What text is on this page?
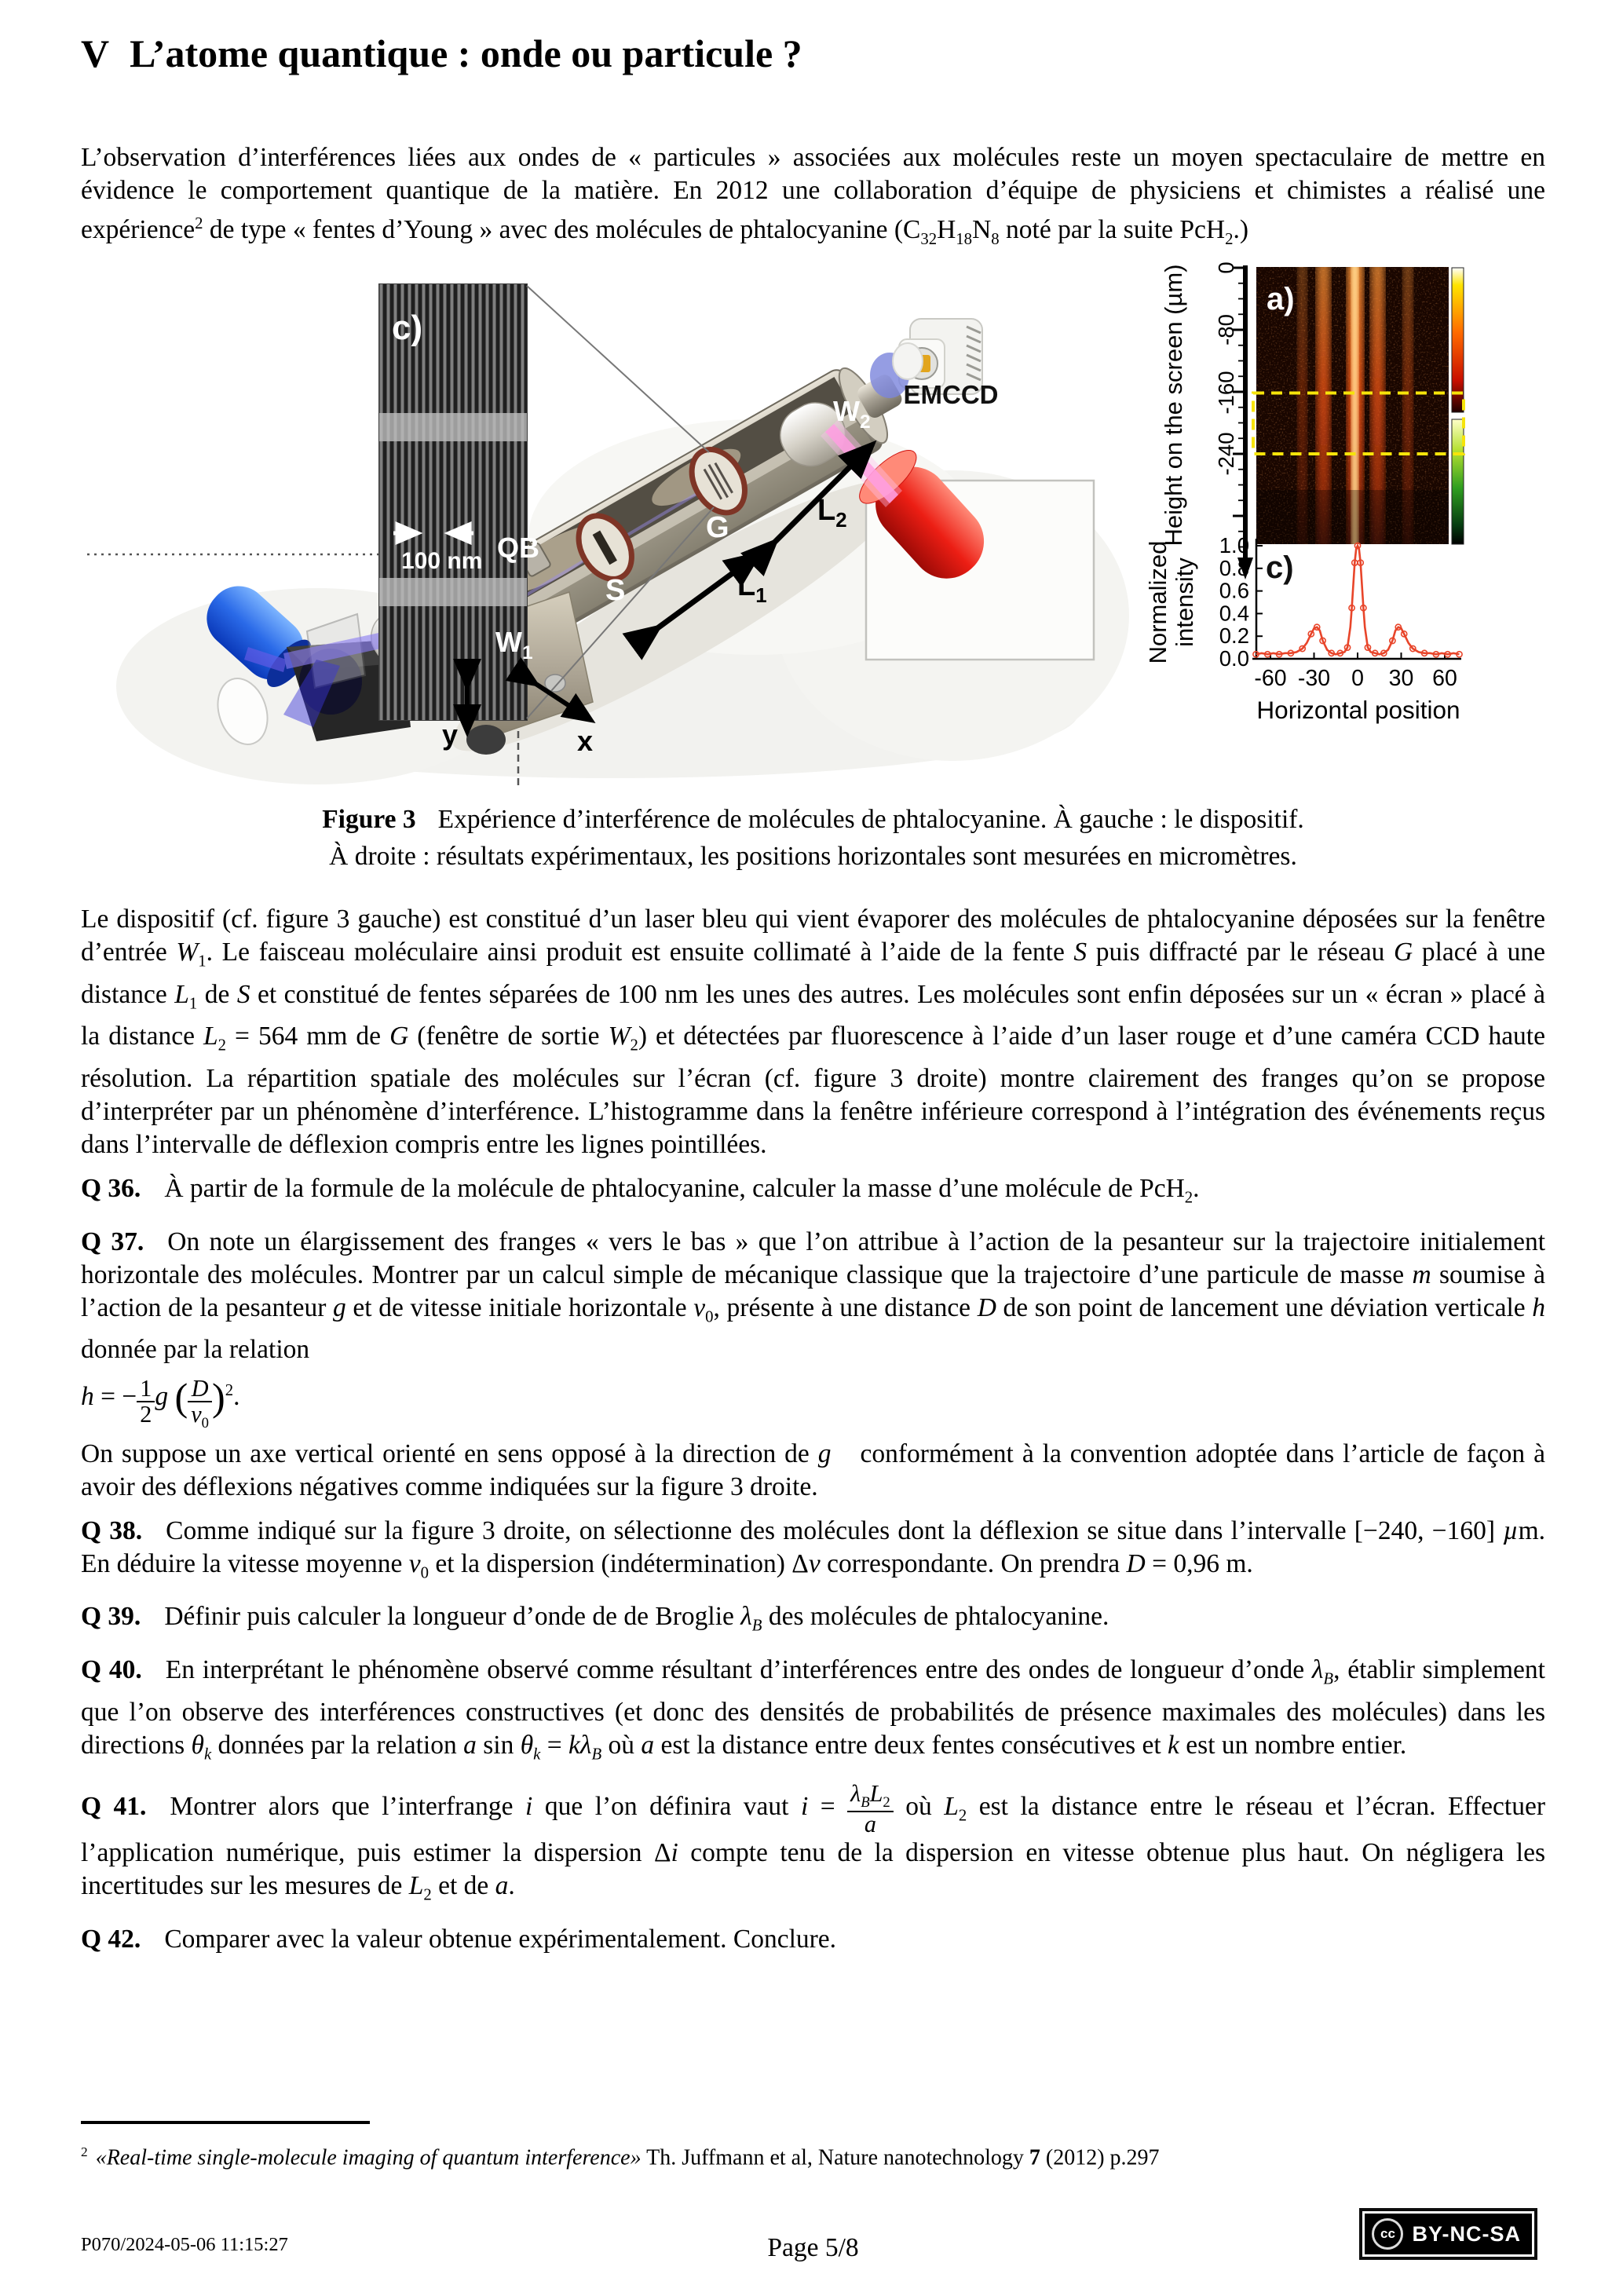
V L’atome quantique : onde ou particule ?

L’observation d’interférences liées aux ondes de « particules » associées aux molécules reste un moyen spectaculaire de mettre en évidence le comportement quantique de la matière. En 2012 une collaboration d’équipe de physiciens et chimistes a réalisé une expérience$^2$ de type « fentes d’Young » avec des molécules de phtalocyanine ($C_{32}H_{18}N_8$ noté par la suite PcH$_2$.)

c)
100 nm QB
S
G
$W_1$
$W_2$
$L_1$
$L_2$
x
y
EMCCD
0
-80
-160
-240
Height on the screen (µm)	a)
1.0
0.8
0.6
0.4
0.2
0.0
-60 -30 0 30 60
c)
Horizontal position
Normalized intensity
Figure 3 Expérience d’interférence de molécules de phtalocyanine. À gauche : le dispositif.
À droite : résultats expérimentaux, les positions horizontales sont mesurées en micromètres.

Le dispositif (cf. figure 3 gauche) est constitué d’un laser bleu qui vient évaporer des molécules de phtalocyanine déposées sur la fenêtre d’entrée $W_1$. Le faisceau moléculaire ainsi produit est ensuite collimaté à l’aide de la fente S puis diffracté par le réseau G placé à une distance $L_1$ de S et constitué de fentes séparées de 100 nm les unes des autres. Les molécules sont enfin déposées sur un « écran » placé à la distance $L_2 = 564$ mm de G (fenêtre de sortie $W_2$) et détectées par fluorescence à l’aide d’un laser rouge et d’une caméra CCD haute résolution. La répartition spatiale des molécules sur l’écran (cf. figure 3 droite) montre clairement des franges qu’on se propose d’interpréter par un phénomène d’interférence. L’histogramme dans la fenêtre inférieure correspond à l’intégration des événements reçus dans l’intervalle de déflexion compris entre les lignes pointillées.

Q 36. À partir de la formule de la molécule de phtalocyanine, calculer la masse d’une molécule de PcH$_2$.

Q 37. On note un élargissement des franges « vers le bas » que l’on attribue à l’action de la pesanteur sur la trajectoire initialement horizontale des molécules. Montrer par un calcul simple de mécanique classique que la trajectoire d’une particule de masse m soumise à l’action de la pesanteur g et de vitesse initiale horizontale $v_0$, présente à une distance D de son point de lancement une déviation verticale h donnée par la relation

h = − $\frac{1}{2}$ g ( $\frac{D}{v_0} )^2$.

On suppose un axe vertical orienté en sens opposé à la direction de g⃗ conformément à la convention adoptée dans l’article de façon à avoir des déflexions négatives comme indiquées sur la figure 3 droite.

Q 38. Comme indiqué sur la figure 3 droite, on sélectionne des molécules dont la déflexion se situe dans l’intervalle [−240, −160] µm. En déduire la vitesse moyenne $v_0$ et la dispersion (indétermination) Δv correspondante. On prendra D = 0,96 m.

Q 39. Définir puis calculer la longueur d’onde de de Broglie $\lambda_B$ des molécules de phtalocyanine.

Q 40. En interprétant le phénomène observé comme résultant d’interférences entre des ondes de longueur d’onde $\lambda_B$, établir simplement que l’on observe des interférences constructives (et donc des densités de probabilités de présence maximales des molécules) dans les directions $\theta_k$ données par la relation a $\sin \theta_k = k\lambda_B$ où a est la distance entre deux fentes consécutives et k est un nombre entier.

Q 41. Montrer alors que l’interfrange i que l’on définira vaut $i = \frac{\lambda_BL_2}{a}$ où $L_2$ est la distance entre le réseau et l’écran. Effectuer l’application numérique, puis estimer la dispersion Δi compte tenu de la dispersion en vitesse obtenue plus haut. On négligera les incertitudes sur les mesures de $L_2$ et de a.

Q 42. Comparer avec la valeur obtenue expérimentalement. Conclure.

$^2$ «Real-time single-molecule imaging of quantum interference» Th. Juffmann et al, Nature nanotechnology 7 (2012) p.297
P070/2024-05-06 11:15:27	Page 5/8	cc BY-NC-SA
